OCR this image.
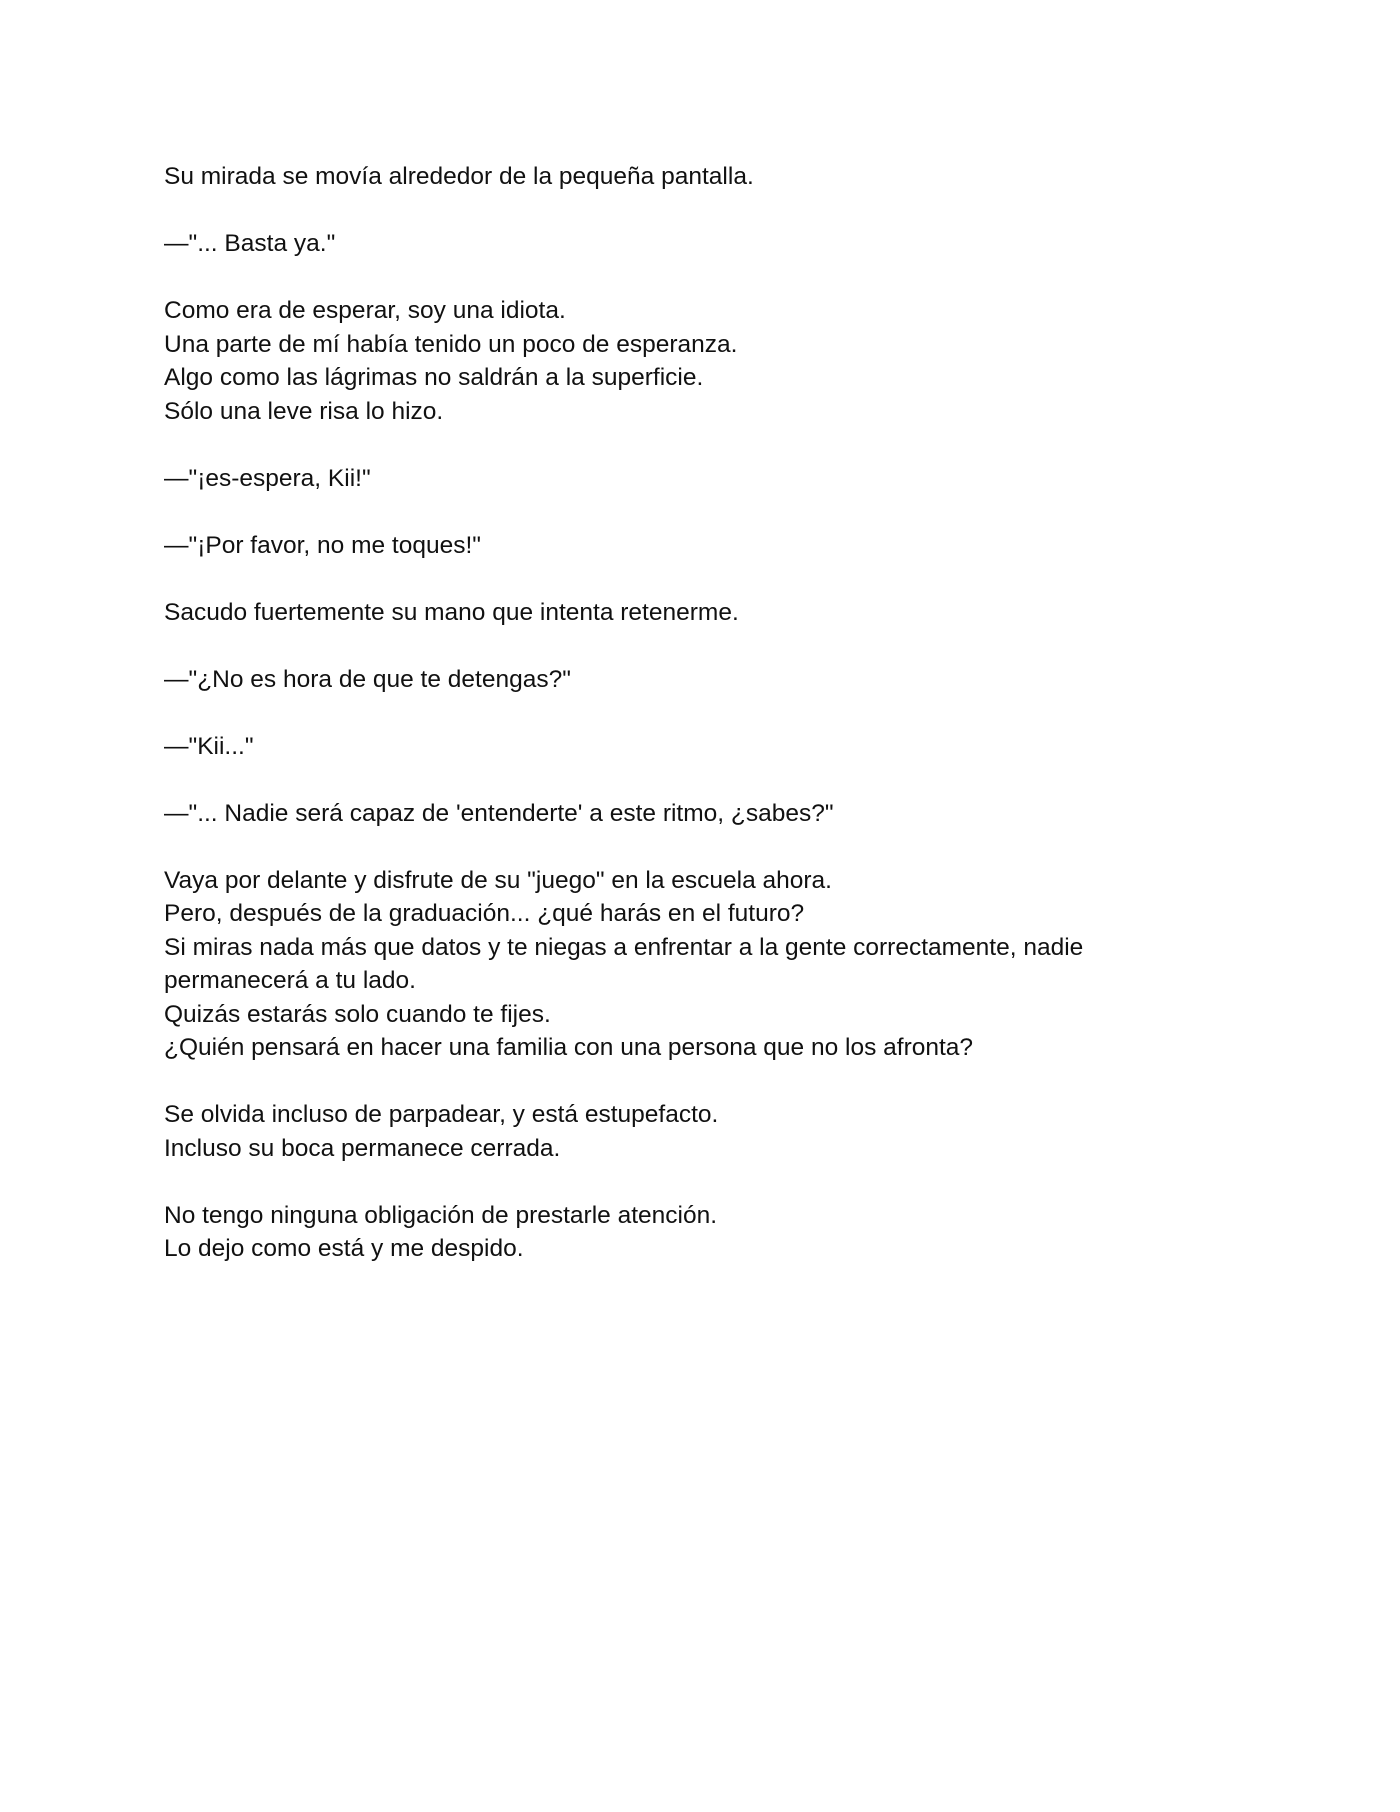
Su mirada se movía alrededor de la pequeña pantalla.

—"... Basta ya."

Como era de esperar, soy una idiota.
Una parte de mí había tenido un poco de esperanza.
Algo como las lágrimas no saldrán a la superficie.
Sólo una leve risa lo hizo.

—"¡es-espera, Kii!"

—"¡Por favor, no me toques!"

Sacudo fuertemente su mano que intenta retenerme.

—"¿No es hora de que te detengas?"

—"Kii..."

—"... Nadie será capaz de 'entenderte' a este ritmo, ¿sabes?"

Vaya por delante y disfrute de su "juego" en la escuela ahora.
Pero, después de la graduación... ¿qué harás en el futuro?
Si miras nada más que datos y te niegas a enfrentar a la gente correctamente, nadie
permanecerá a tu lado.
Quizás estarás solo cuando te fijes.
¿Quién pensará en hacer una familia con una persona que no los afronta?

Se olvida incluso de parpadear, y está estupefacto.
Incluso su boca permanece cerrada.

No tengo ninguna obligación de prestarle atención.
Lo dejo como está y me despido.
